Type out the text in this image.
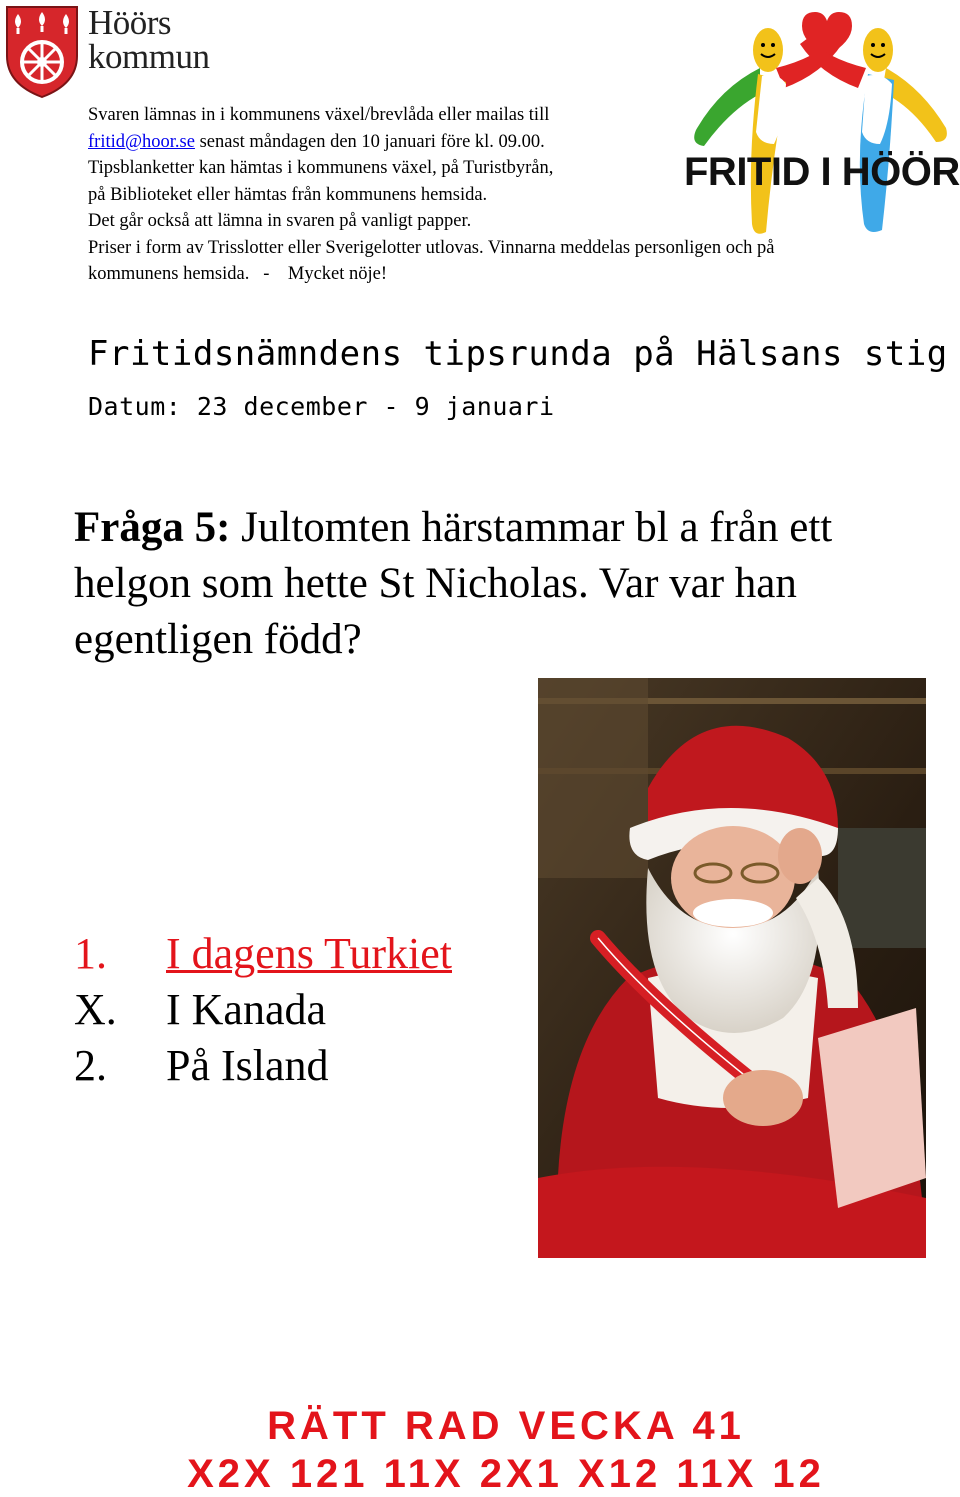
Höörs
kommun
FRITID I HÖÖR
Svaren lämnas in i kommunens växel/brevlåda eller mailas till
fritid@hoor.se senast måndagen den 10 januari före kl. 09.00.
Tipsblanketter kan hämtas i kommunens växel, på Turistbyrån,
på Biblioteket eller hämtas från kommunens hemsida.
Det går också att lämna in svaren på vanligt papper.
Priser i form av Trisslotter eller Sverigelotter utlovas. Vinnarna meddelas personligen och på
kommunens hemsida.   -    Mycket nöje!
Fritidsnämndens tipsrunda på Hälsans stig
Datum: 23 december - 9 januari
Fråga 5: Jultomten härstammar bl a från ett helgon som hette St Nicholas. Var var han egentligen född?
1. I dagens Turkiet
X. I Kanada
2. På Island
RÄTT RAD VECKA 41
X2X 121 11X 2X1 X12 11X 12
